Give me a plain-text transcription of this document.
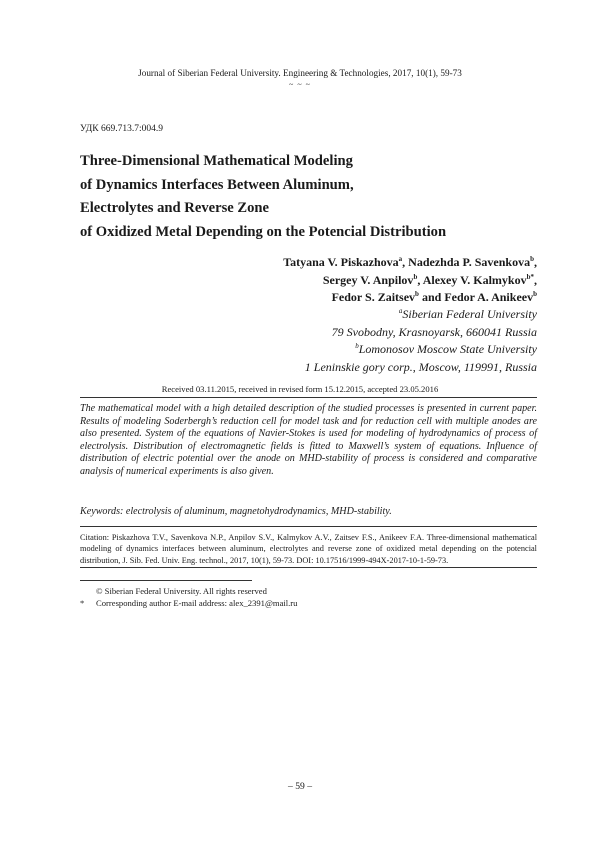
Journal of Siberian Federal University. Engineering & Technologies, 2017, 10(1), 59-73
~ ~ ~
УДК 669.713.7:004.9
Three-Dimensional Mathematical Modeling
of Dynamics Interfaces Between Aluminum,
Electrolytes and Reverse Zone
of Oxidized Metal Depending on the Potencial Distribution
Tatyana V. Piskazhova$^a$, Nadezhda P. Savenkova$^b$,
Sergey V. Anpilov$^b$, Alexey V. Kalmykov$^{b*}$,
Fedor S. Zaitsev$^b$ and Fedor A. Anikeev$^b$
$^a$Siberian Federal University
79 Svobodny, Krasnoyarsk, 660041 Russia
$^b$Lomonosov Moscow State University
1 Leninskie gory corp., Moscow, 119991, Russia
Received 03.11.2015, received in revised form 15.12.2015, accepted 23.05.2016
The mathematical model with a high detailed description of the studied processes is presented in current paper. Results of modeling Soderbergh’s reduction cell for model task and for reduction cell with multiple anodes are also presented. System of the equations of Navier-Stokes is used for modeling of hydrodynamics of process of electrolysis. Distribution of electromagnetic fields is fitted to Maxwell’s system of equations. Influence of distribution of electric potential over the anode on MHD-stability of process is considered and comparative analysis of numerical experiments is also given.
Keywords: electrolysis of aluminum, magnetohydrodynamics, MHD-stability.
Citation: Piskazhova T.V., Savenkova N.P., Anpilov S.V., Kalmykov A.V., Zaitsev F.S., Anikeev F.A. Three-dimensional mathematical modeling of dynamics interfaces between aluminum, electrolytes and reverse zone of oxidized metal depending on the potencial distribution, J. Sib. Fed. Univ. Eng. technol., 2017, 10(1), 59-73. DOI: 10.17516/1999-494X-2017-10-1-59-73.
© Siberian Federal University. All rights reserved
* Corresponding author E-mail address: alex_2391@mail.ru
– 59 –
